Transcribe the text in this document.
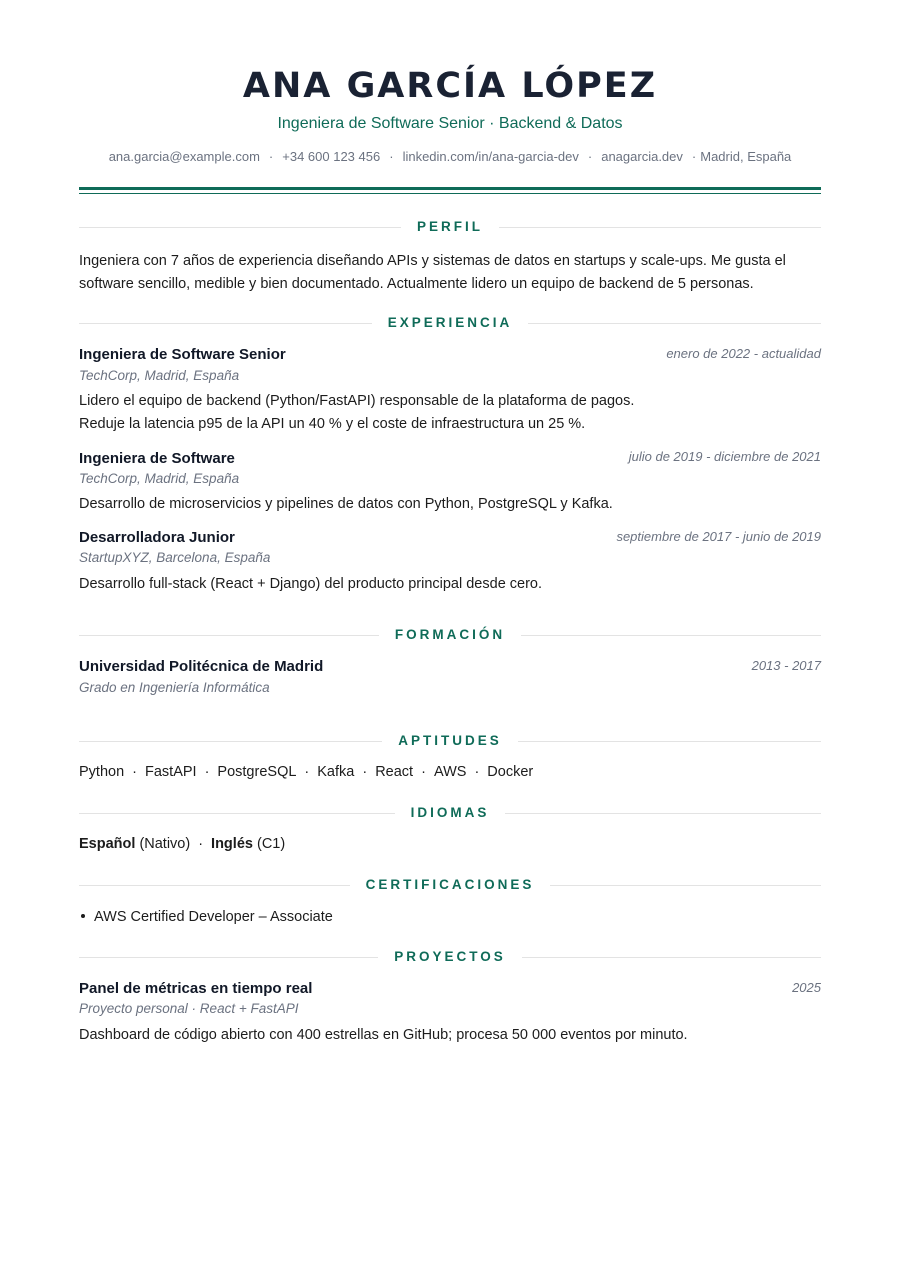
ANA GARCÍA LÓPEZ
Ingeniera de Software Senior · Backend & Datos
ana.garcia@example.com · +34 600 123 456 · linkedin.com/in/ana-garcia-dev · anagarcia.dev · Madrid, España
PERFIL
Ingeniera con 7 años de experiencia diseñando APIs y sistemas de datos en startups y scale-ups. Me gusta el
software sencillo, medible y bien documentado. Actualmente lidero un equipo de backend de 5 personas.
EXPERIENCIA
Ingeniera de Software Senior	enero de 2022 - actualidad
TechCorp, Madrid, España
Lidero el equipo de backend (Python/FastAPI) responsable de la plataforma de pagos.
Reduje la latencia p95 de la API un 40 % y el coste de infraestructura un 25 %.
Ingeniera de Software	julio de 2019 - diciembre de 2021
TechCorp, Madrid, España
Desarrollo de microservicios y pipelines de datos con Python, PostgreSQL y Kafka.
Desarrolladora Junior	septiembre de 2017 - junio de 2019
StartupXYZ, Barcelona, España
Desarrollo full-stack (React + Django) del producto principal desde cero.
FORMACIÓN
Universidad Politécnica de Madrid	2013 - 2017
Grado en Ingeniería Informática
APTITUDES
Python · FastAPI · PostgreSQL · Kafka · React · AWS · Docker
IDIOMAS
Español (Nativo) · Inglés (C1)
CERTIFICACIONES
AWS Certified Developer – Associate
PROYECTOS
Panel de métricas en tiempo real	2025
Proyecto personal · React + FastAPI
Dashboard de código abierto con 400 estrellas en GitHub; procesa 50 000 eventos por minuto.
